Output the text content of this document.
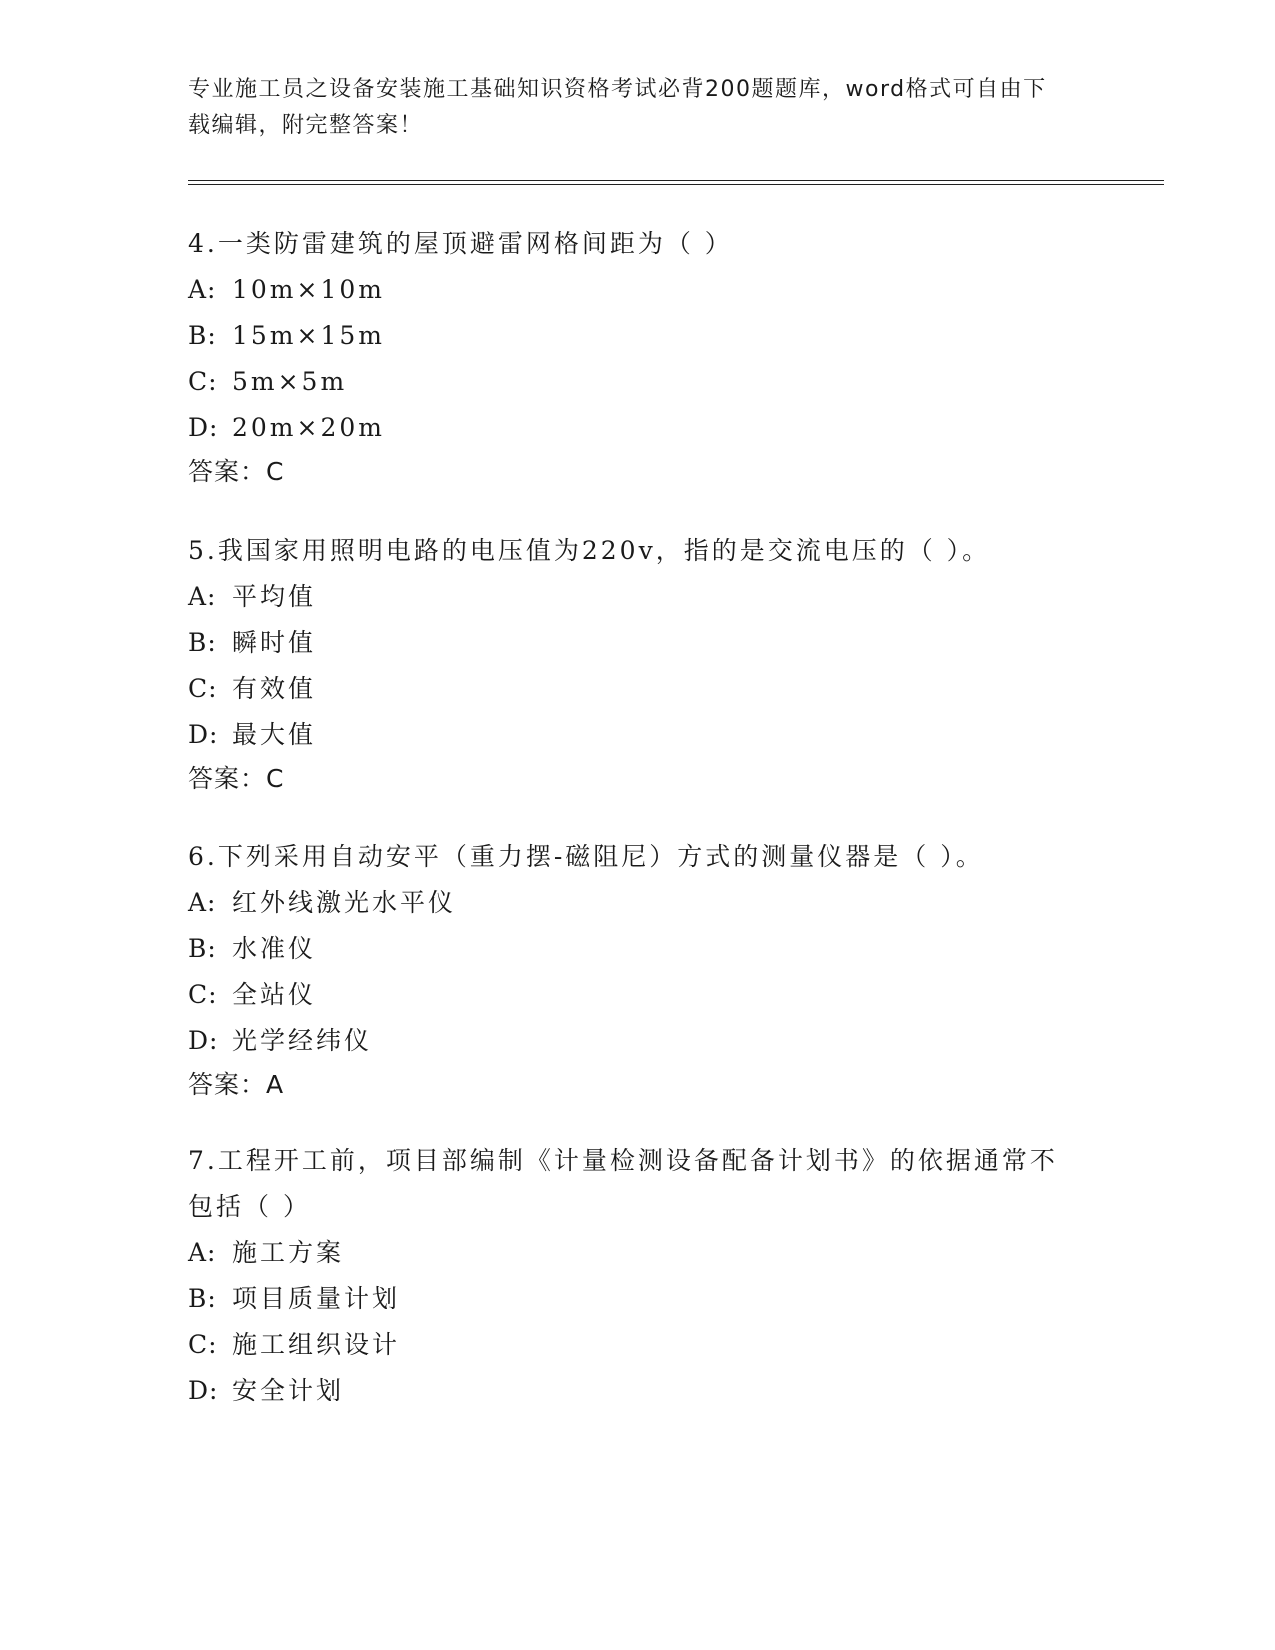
专业施工员之设备安装施工基础知识资格考试必背200题题库，word格式可自由下载编辑，附完整答案！
4.一类防雷建筑的屋顶避雷网格间距为（ ）
A: 10m×10m
B: 15m×15m
C: 5m×5m
D: 20m×20m
答案：C
5.我国家用照明电路的电压值为220v，指的是交流电压的（ ）。
A: 平均值
B: 瞬时值
C: 有效值
D: 最大值
答案：C
6.下列采用自动安平（重力摆-磁阻尼）方式的测量仪器是（ ）。
A: 红外线激光水平仪
B: 水准仪
C: 全站仪
D: 光学经纬仪
答案：A
7.工程开工前，项目部编制《计量检测设备配备计划书》的依据通常不包括（ ）
A: 施工方案
B: 项目质量计划
C: 施工组织设计
D: 安全计划
